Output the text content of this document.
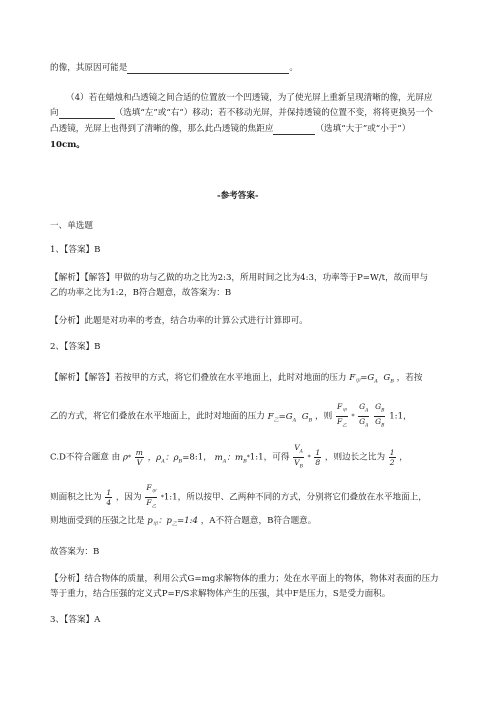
的像，其原因可能是	。
（4）若在蜡烛和凸透镜之间合适的位置放一个凹透镜，为了使光屏上重新呈现清晰的像，光屏应
向	（选填“左”或“右”）移动；若不移动光屏，并保持透镜的位置不变，将将更换另一个
凸透镜，光屏上也得到了清晰的像，那么此凸透镜的焦距应	（选填“大于”或“小于”）
10cm。
-参考答案-
一、单选题
1、【答案】B
【解析】【解答】甲做的功与乙做的功之比为2:3，所用时间之比为4:3，功率等于P=W/t，故而甲与
乙的功率之比为1:2，B符合题意，故答案为：B
【分析】此题是对功率的考查，结合功率的计算公式进行计算即可。
2、【答案】B
【解析】【解答】若按甲的方式，将它们叠放在水平地面上，此时对地面的压力 $F_甲=G_A$  $G_B$ ，若按
乙的方式，将它们叠放在水平地面上，此时对地面的压力 $F_乙=G_A$  $G_B$ ，则 $\frac{F_甲}{F_乙} * \frac{G_A}{G_A}$
$\frac{G_B}{G_B}$ 1:1，
C.D不符合题意 由 $\rho* \frac{m}{V}$ ，$\rho_A$：$\rho_B=8:1$， $m_A$：$m_B*1:1$，可得 $\frac{V_A}{V_B} * \frac{1}{8}$ ，则边长之比为 $\frac{1}{2}$ ，
则面积之比为 $\frac{1}{4}$ ，因为 $\frac{F_甲}{F_乙}$ *1:1，所以按甲、乙两种不同的方式，分别将它们叠放在水平地面上，
则地面受到的压强之比是 $p_甲$：$p_乙=1:4$ ，A不符合题意，B符合题意。
故答案为：B
【分析】结合物体的质量，利用公式G=mg求解物体的重力；处在水平面上的物体，物体对表面的压力
等于重力，结合压强的定义式P=F/S求解物体产生的压强，其中F是压力，S是受力面积。
3、【答案】A
